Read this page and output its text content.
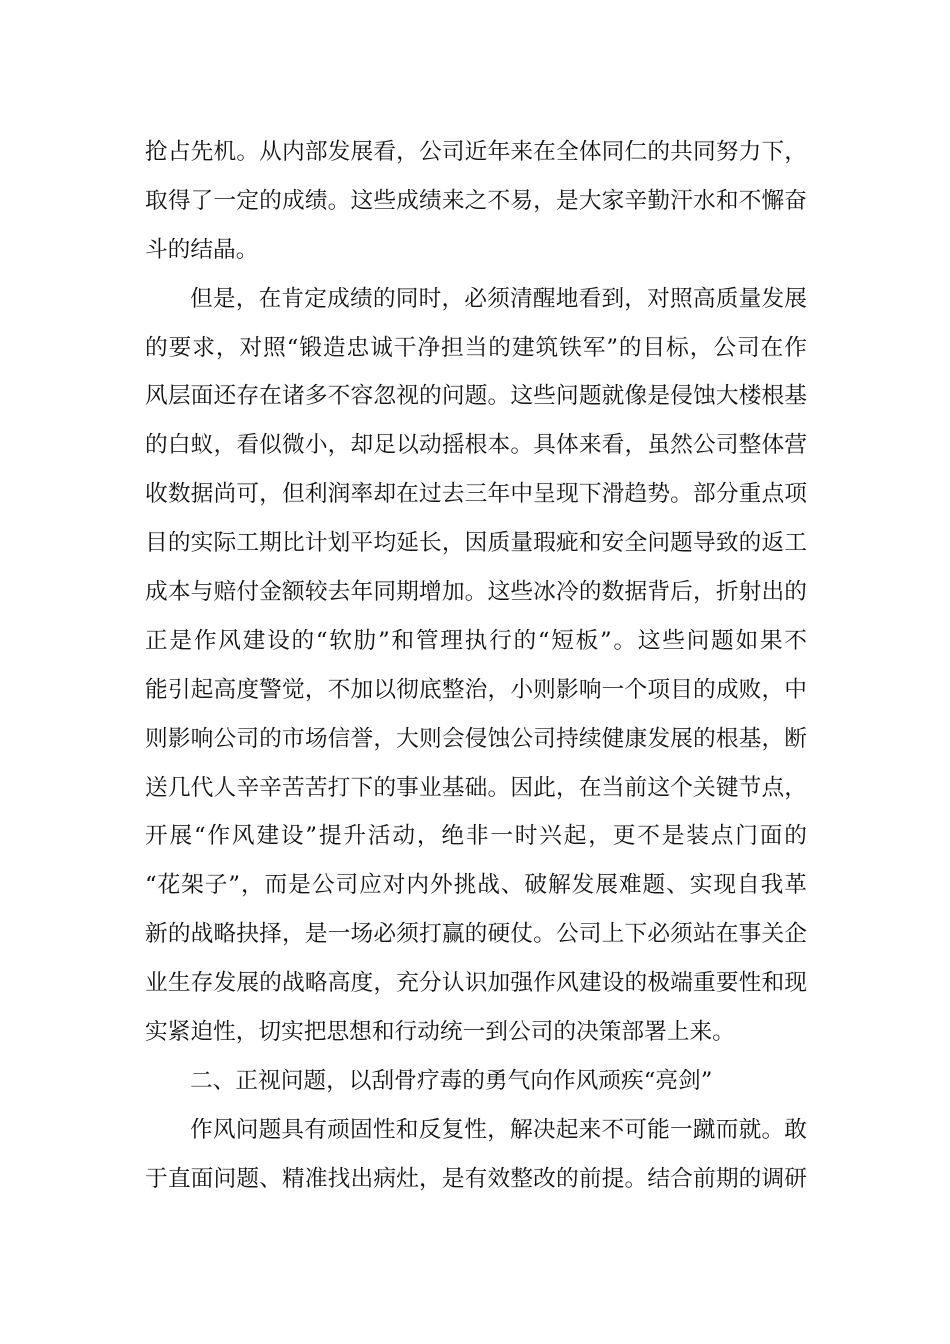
抢占先机。从内部发展看，公司近年来在全体同仁的共同努力下，
取得了一定的成绩。这些成绩来之不易，是大家辛勤汗水和不懈奋
斗的结晶。
但是，在肯定成绩的同时，必须清醒地看到，对照高质量发展
的要求，对照“锻造忠诚干净担当的建筑铁军”的目标，公司在作
风层面还存在诸多不容忽视的问题。这些问题就像是侵蚀大楼根基
的白蚁，看似微小，却足以动摇根本。具体来看，虽然公司整体营
收数据尚可，但利润率却在过去三年中呈现下滑趋势。部分重点项
目的实际工期比计划平均延长，因质量瑕疵和安全问题导致的返工
成本与赔付金额较去年同期增加。这些冰冷的数据背后，折射出的
正是作风建设的“软肋”和管理执行的“短板”。这些问题如果不
能引起高度警觉，不加以彻底整治，小则影响一个项目的成败，中
则影响公司的市场信誉，大则会侵蚀公司持续健康发展的根基，断
送几代人辛辛苦苦打下的事业基础。因此，在当前这个关键节点，
开展“作风建设”提升活动，绝非一时兴起，更不是装点门面的
“花架子”，而是公司应对内外挑战、破解发展难题、实现自我革
新的战略抉择，是一场必须打赢的硬仗。公司上下必须站在事关企
业生存发展的战略高度，充分认识加强作风建设的极端重要性和现
实紧迫性，切实把思想和行动统一到公司的决策部署上来。
二、正视问题，以刮骨疗毒的勇气向作风顽疾“亮剑”
作风问题具有顽固性和反复性，解决起来不可能一蹴而就。敢
于直面问题、精准找出病灶，是有效整改的前提。结合前期的调研
